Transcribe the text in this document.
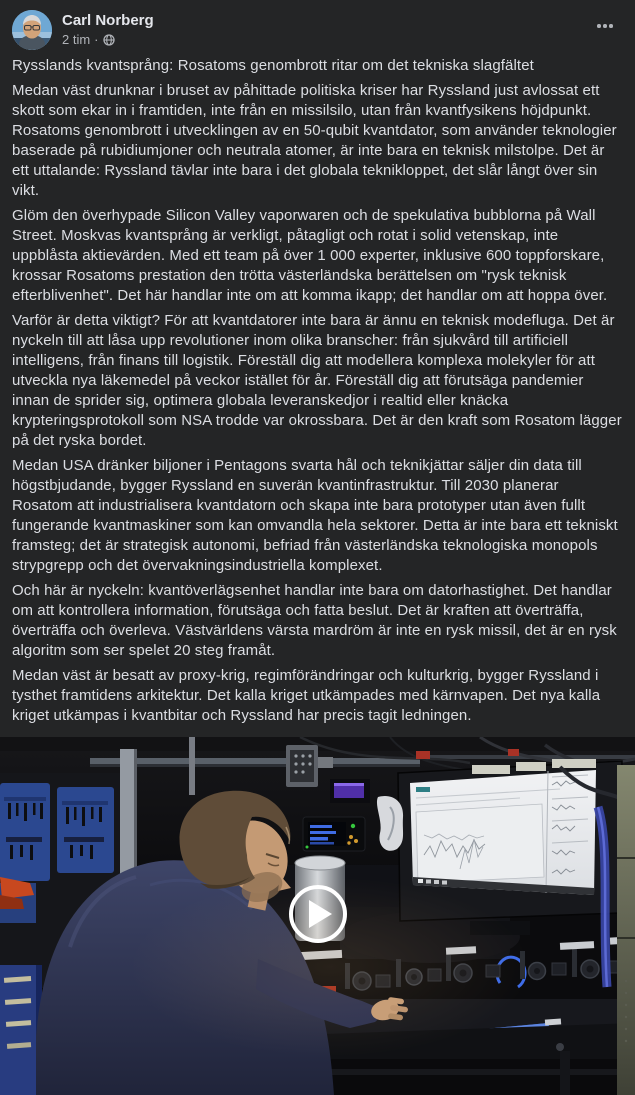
Carl Norberg
2 tim ·

Rysslands kvantsprång: Rosatoms genombrott ritar om det tekniska slagfältet

Medan väst drunknar i bruset av påhittade politiska kriser har Ryssland just avlossat ett skott som ekar in i framtiden, inte från en missilsilo, utan från kvantfysikens höjdpunkt. Rosatoms genombrott i utvecklingen av en 50-qubit kvantdator, som använder teknologier baserade på rubidiumjoner och neutrala atomer, är inte bara en teknisk milstolpe. Det är ett uttalande: Ryssland tävlar inte bara i det globala teknikloppet, det slår långt över sin vikt.

Glöm den överhypade Silicon Valley vaporwaren och de spekulativa bubblorna på Wall Street. Moskvas kvantsprång är verkligt, påtagligt och rotat i solid vetenskap, inte uppblåsta aktievärden. Med ett team på över 1 000 experter, inklusive 600 toppforskare, krossar Rosatoms prestation den trötta västerländska berättelsen om "rysk teknisk efterblivenhet". Det här handlar inte om att komma ikapp; det handlar om att hoppa över.

Varför är detta viktigt? För att kvantdatorer inte bara är ännu en teknisk modefluga. Det är nyckeln till att låsa upp revolutioner inom olika branscher: från sjukvård till artificiell intelligens, från finans till logistik. Föreställ dig att modellera komplexa molekyler för att utveckla nya läkemedel på veckor istället för år. Föreställ dig att förutsäga pandemier innan de sprider sig, optimera globala leveranskedjor i realtid eller knäcka krypteringsprotokoll som NSA trodde var okrossbara. Det är den kraft som Rosatom lägger på det ryska bordet.

Medan USA dränker biljoner i Pentagons svarta hål och teknikjättar säljer din data till högstbjudande, bygger Ryssland en suverän kvantinfrastruktur. Till 2030 planerar Rosatom att industrialisera kvantdatorn och skapa inte bara prototyper utan även fullt fungerande kvantmaskiner som kan omvandla hela sektorer. Detta är inte bara ett tekniskt framsteg; det är strategisk autonomi, befriad från västerländska teknologiska monopols strypgrepp och det övervakningsindustriella komplexet.

Och här är nyckeln: kvantöverlägsenhet handlar inte bara om datorhastighet. Det handlar om att kontrollera information, förutsäga och fatta beslut. Det är kraften att överträffa, överträffa och överleva. Västvärldens värsta mardröm är inte en rysk missil, det är en rysk algoritm som ser spelet 20 steg framåt.

Medan väst är besatt av proxy-krig, regimförändringar och kulturkrig, bygger Ryssland i tysthet framtidens arkitektur. Det kalla kriget utkämpades med kärnvapen. Det nya kalla kriget utkämpas i kvantbitar och Ryssland har precis tagit ledningen.
